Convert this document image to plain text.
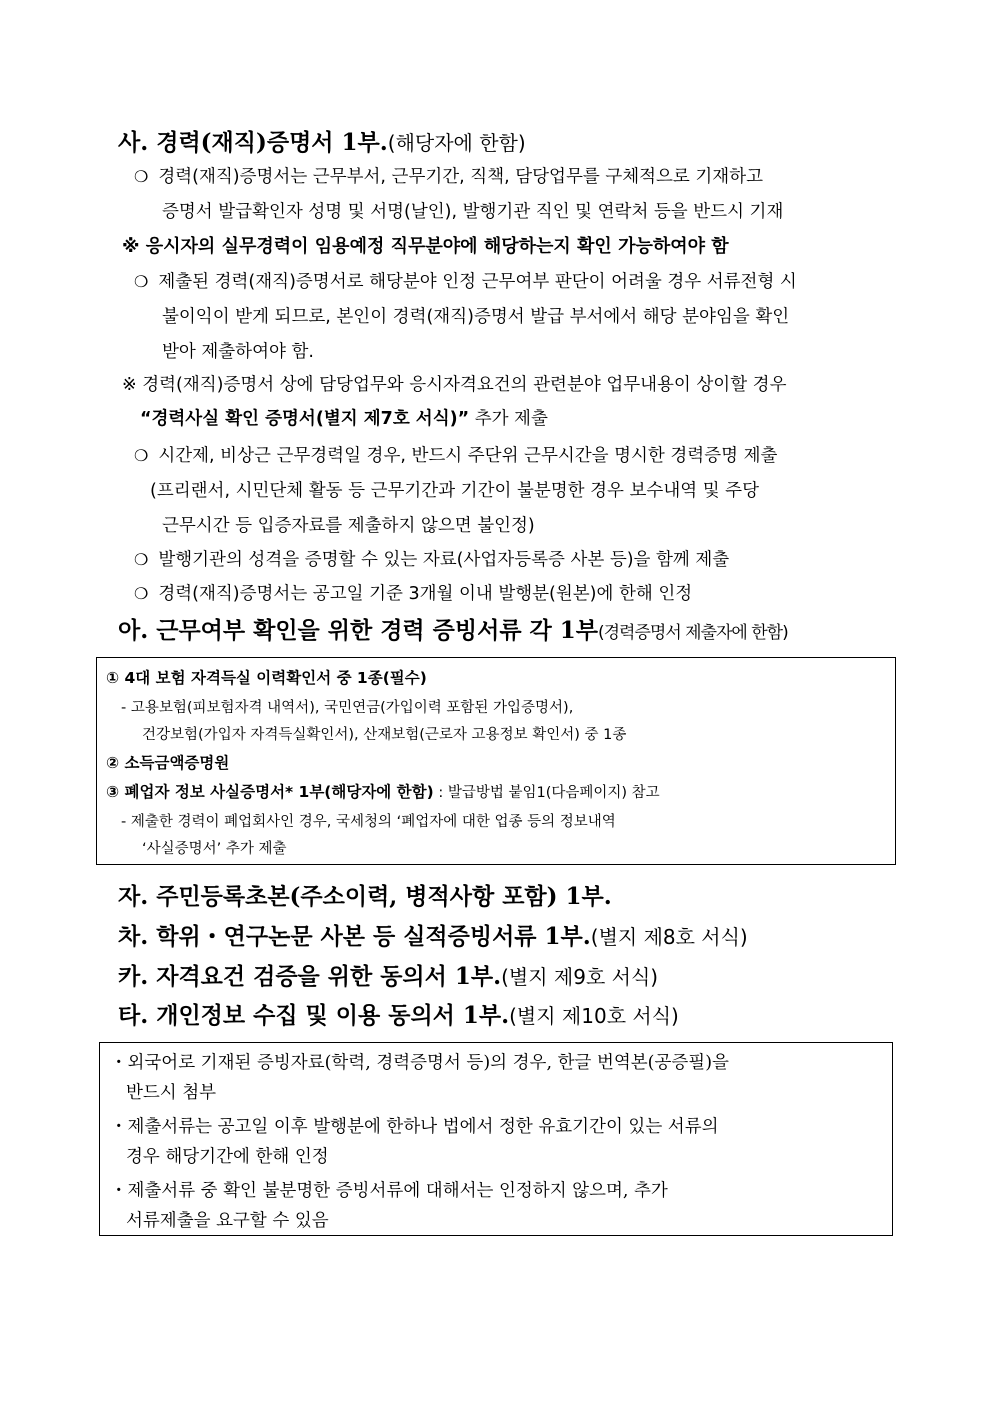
사. 경력(재직)증명서 1부.(해당자에 한함)
❍ 경력(재직)증명서는 근무부서, 근무기간, 직책, 담당업무를 구체적으로 기재하고
증명서 발급확인자 성명 및 서명(날인), 발행기관 직인 및 연락처 등을 반드시 기재
※ 응시자의 실무경력이 임용예정 직무분야에 해당하는지 확인 가능하여야 함
❍ 제출된 경력(재직)증명서로 해당분야 인정 근무여부 판단이 어려울 경우 서류전형 시
불이익이 받게 되므로, 본인이 경력(재직)증명서 발급 부서에서 해당 분야임을 확인
받아 제출하여야 함.
※ 경력(재직)증명서 상에 담당업무와 응시자격요건의 관련분야 업무내용이 상이할 경우
“경력사실 확인 증명서(별지 제7호 서식)” 추가 제출
❍ 시간제, 비상근 근무경력일 경우, 반드시 주단위 근무시간을 명시한 경력증명 제출
(프리랜서, 시민단체 활동 등 근무기간과 기간이 불분명한 경우 보수내역 및 주당
근무시간 등 입증자료를 제출하지 않으면 불인정)
❍ 발행기관의 성격을 증명할 수 있는 자료(사업자등록증 사본 등)을 함께 제출
❍ 경력(재직)증명서는 공고일 기준 3개월 이내 발행분(원본)에 한해 인정
아. 근무여부 확인을 위한 경력 증빙서류 각 1부(경력증명서 제출자에 한함)
① 4대 보험 자격득실 이력확인서 중 1종(필수)
- 고용보험(피보험자격 내역서), 국민연금(가입이력 포함된 가입증명서),
건강보험(가입자 자격득실확인서), 산재보험(근로자 고용정보 확인서) 중 1종
② 소득금액증명원
③ 폐업자 정보 사실증명서* 1부(해당자에 한함) : 발급방법 붙임1(다음페이지) 참고
- 제출한 경력이 폐업회사인 경우, 국세청의 ‘폐업자에 대한 업종 등의 정보내역
‘사실증명서’ 추가 제출
자. 주민등록초본(주소이력, 병적사항 포함) 1부.
차. 학위・연구논문 사본 등 실적증빙서류 1부.(별지 제8호 서식)
카. 자격요건 검증을 위한 동의서 1부.(별지 제9호 서식)
타. 개인정보 수집 및 이용 동의서 1부.(별지 제10호 서식)
・외국어로 기재된 증빙자료(학력, 경력증명서 등)의 경우, 한글 번역본(공증필)을
반드시 첨부
・제출서류는 공고일 이후 발행분에 한하나 법에서 정한 유효기간이 있는 서류의
경우 해당기간에 한해 인정
・제출서류 중 확인 불분명한 증빙서류에 대해서는 인정하지 않으며, 추가
서류제출을 요구할 수 있음
